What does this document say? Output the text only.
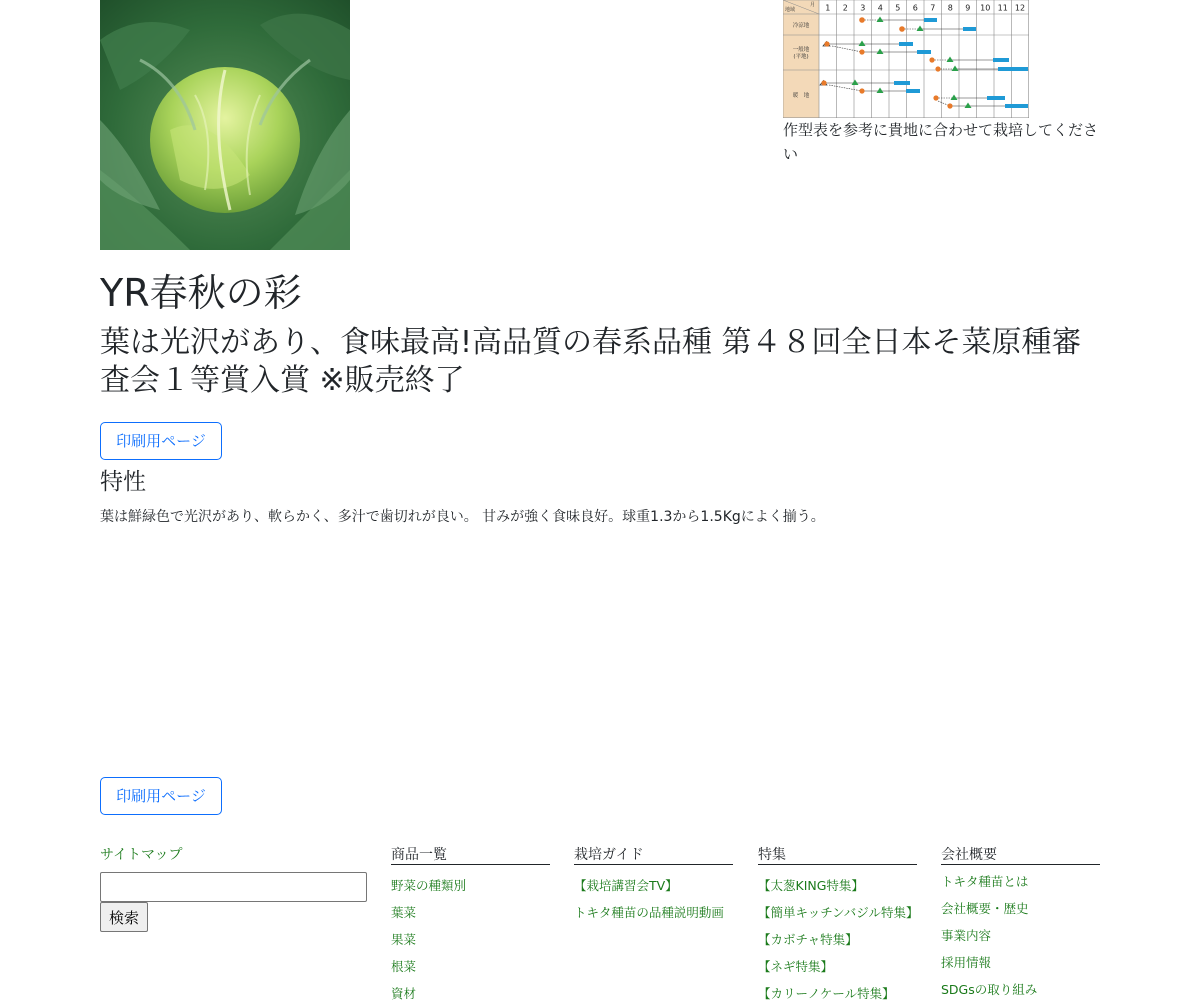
地域
月 1 2 3 4 5 6 7 8 9 10 11 12
冷涼地
一般地
(平地)
暖　地
作型表を参考に貴地に合わせて栽培してください
YR春秋の彩
葉は光沢があり、食味最高!高品質の春系品種 第４８回全日本そ菜原種審査会１等賞入賞 ※販売終了
印刷用ページ
特性

葉は鮮緑色で光沢があり、軟らかく、多汁で歯切れが良い。 甘みが強く食味良好。球重1.3から1.5Kgによく揃う。

印刷用ページ
サイトマップ
検索
商品一覧
野菜の種類別
葉菜
果菜
根菜
資材
栽培ガイド
【栽培講習会TV】
トキタ種苗の品種説明動画
特集
【太葱KING特集】
【簡単キッチンバジル特集】
【カボチャ特集】
【ネギ特集】
【カリーノケール特集】
会社概要
トキタ種苗とは
会社概要・歴史
事業内容
採用情報
SDGsの取り組み
